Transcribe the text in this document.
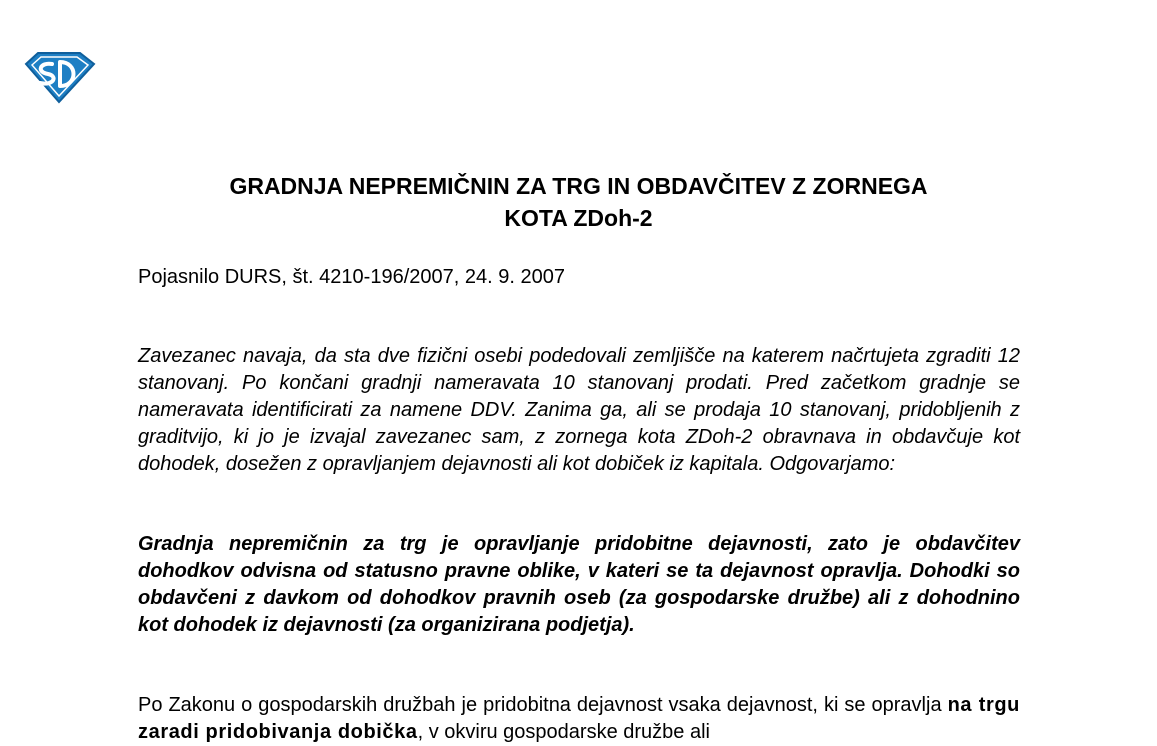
GRADNJA NEPREMIČNIN ZA TRG IN OBDAVČITEV Z ZORNEGA
KOTA ZDoh-2

Pojasnilo DURS, št. 4210-196/2007, 24. 9. 2007

Zavezanec navaja, da sta dve fizični osebi podedovali zemljišče na katerem načrtujeta zgraditi 12 stanovanj. Po končani gradnji nameravata 10 stanovanj prodati. Pred začetkom gradnje se nameravata identificirati za namene DDV. Zanima ga, ali se prodaja 10 stanovanj, pridobljenih z graditvijo, ki jo je izvajal zavezanec sam, z zornega kota ZDoh-2 obravnava in obdavčuje kot dohodek, dosežen z opravljanjem dejavnosti ali kot dobiček iz kapitala. Odgovarjamo:

Gradnja nepremičnin za trg je opravljanje pridobitne dejavnosti, zato je obdavčitev dohodkov odvisna od statusno pravne oblike, v kateri se ta dejavnost opravlja. Dohodki so obdavčeni z davkom od dohodkov pravnih oseb (za gospodarske družbe) ali z dohodnino kot dohodek iz dejavnosti (za organizirana podjetja).

Po Zakonu o gospodarskih družbah je pridobitna dejavnost vsaka dejavnost, ki se opravlja na trgu zaradi pridobivanja dobička, v okviru gospodarske družbe ali
